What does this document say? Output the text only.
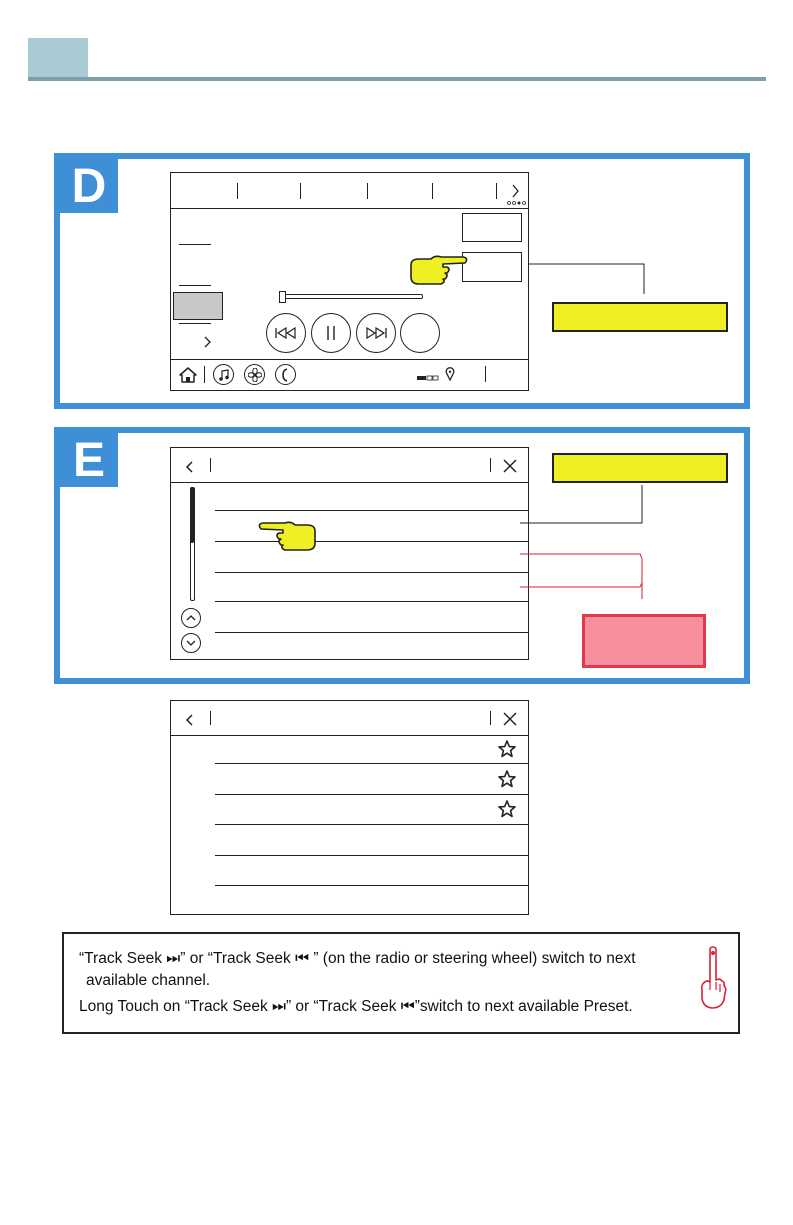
D
E
“Track Seek ⏭” or “Track Seek ⏮ ” (on the radio or steering wheel) switch to next
available channel.
Long Touch on “Track Seek ⏭” or “Track Seek ⏮”switch to next available Preset.
